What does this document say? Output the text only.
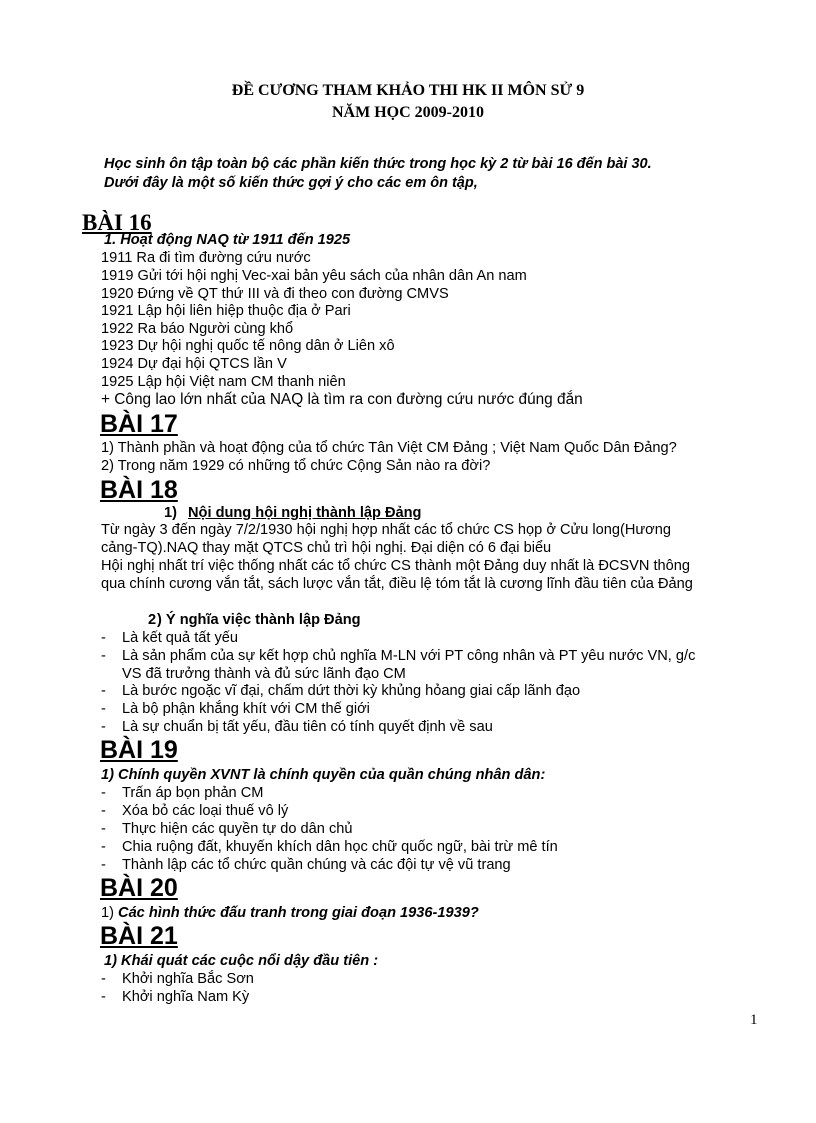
ĐỀ CƯƠNG THAM KHẢO THI HK II MÔN SỬ 9
NĂM HỌC 2009-2010
Học sinh ôn tập toàn bộ các phần kiến thức trong học kỳ 2 từ bài 16 đến bài 30.
Dưới đây là một số kiến thức gợi ý cho các em ôn tập,
BÀI 16
1. Hoạt động NAQ từ 1911 đến 1925
1911 Ra đi tìm đường cứu nước
1919 Gửi tới hội nghị Vec-xai bản yêu sách của nhân dân An nam
1920 Đứng về QT thứ III và đi theo con đường CMVS
1921 Lập hội liên hiệp thuộc địa ở Pari
1922 Ra báo Người cùng khổ
1923 Dự hội nghị quốc tế nông dân ở Liên xô
1924 Dự đại hội QTCS lần V
1925 Lập hội Việt nam CM thanh niên
+ Công lao lớn nhất của NAQ là tìm ra con đường cứu nước đúng đắn
BÀI 17
1) Thành phần và hoạt động của tổ chức Tân Việt CM Đảng ; Việt Nam Quốc Dân Đảng?
2) Trong năm 1929 có những tổ chức Cộng Sản nào ra đời?
BÀI 18
1) Nội dung hội nghị thành lập Đảng
Từ ngày 3 đến ngày 7/2/1930 hội nghị hợp nhất các tổ chức CS họp ở Cửu long(Hương
cảng-TQ).NAQ thay mặt QTCS chủ trì hội nghị. Đại diện có 6 đại biểu
Hội nghị nhất trí việc thống nhất các tổ chức CS thành một Đảng duy nhất là ĐCSVN thông
qua chính cương vắn tắt, sách lược vắn tắt, điều lệ tóm tắt là cương lĩnh đầu tiên của Đảng
2 ) Ý nghĩa việc thành lập Đảng
- Là kết quả tất yếu
- Là sản phẩm của sự kết hợp chủ nghĩa M-LN với PT công nhân và PT yêu nước VN, g/c
VS đã trưởng thành và đủ sức lãnh đạo CM
- Là bước ngoặc vĩ đại, chấm dứt thời kỳ khủng hỏang giai cấp lãnh đạo
- Là bộ phận khắng khít với CM thế giới
- Là sự chuẩn bị tất yếu, đầu tiên có tính quyết định về sau
BÀI 19
1) Chính quyền XVNT là chính quyền của quần chúng nhân dân:
- Trấn áp bọn phản CM
- Xóa bỏ các loại thuế vô lý
- Thực hiện các quyền tự do dân chủ
- Chia ruộng đất, khuyến khích dân học chữ quốc ngữ, bài trừ mê tín
- Thành lập các tổ chức quần chúng và các đội tự vệ vũ trang
BÀI 20
1) Các hình thức đấu tranh trong giai đoạn 1936-1939?
BÀI 21
1) Khái quát các cuộc nổi dậy đầu tiên :
- Khởi nghĩa Bắc Sơn
- Khởi nghĩa Nam Kỳ
1
